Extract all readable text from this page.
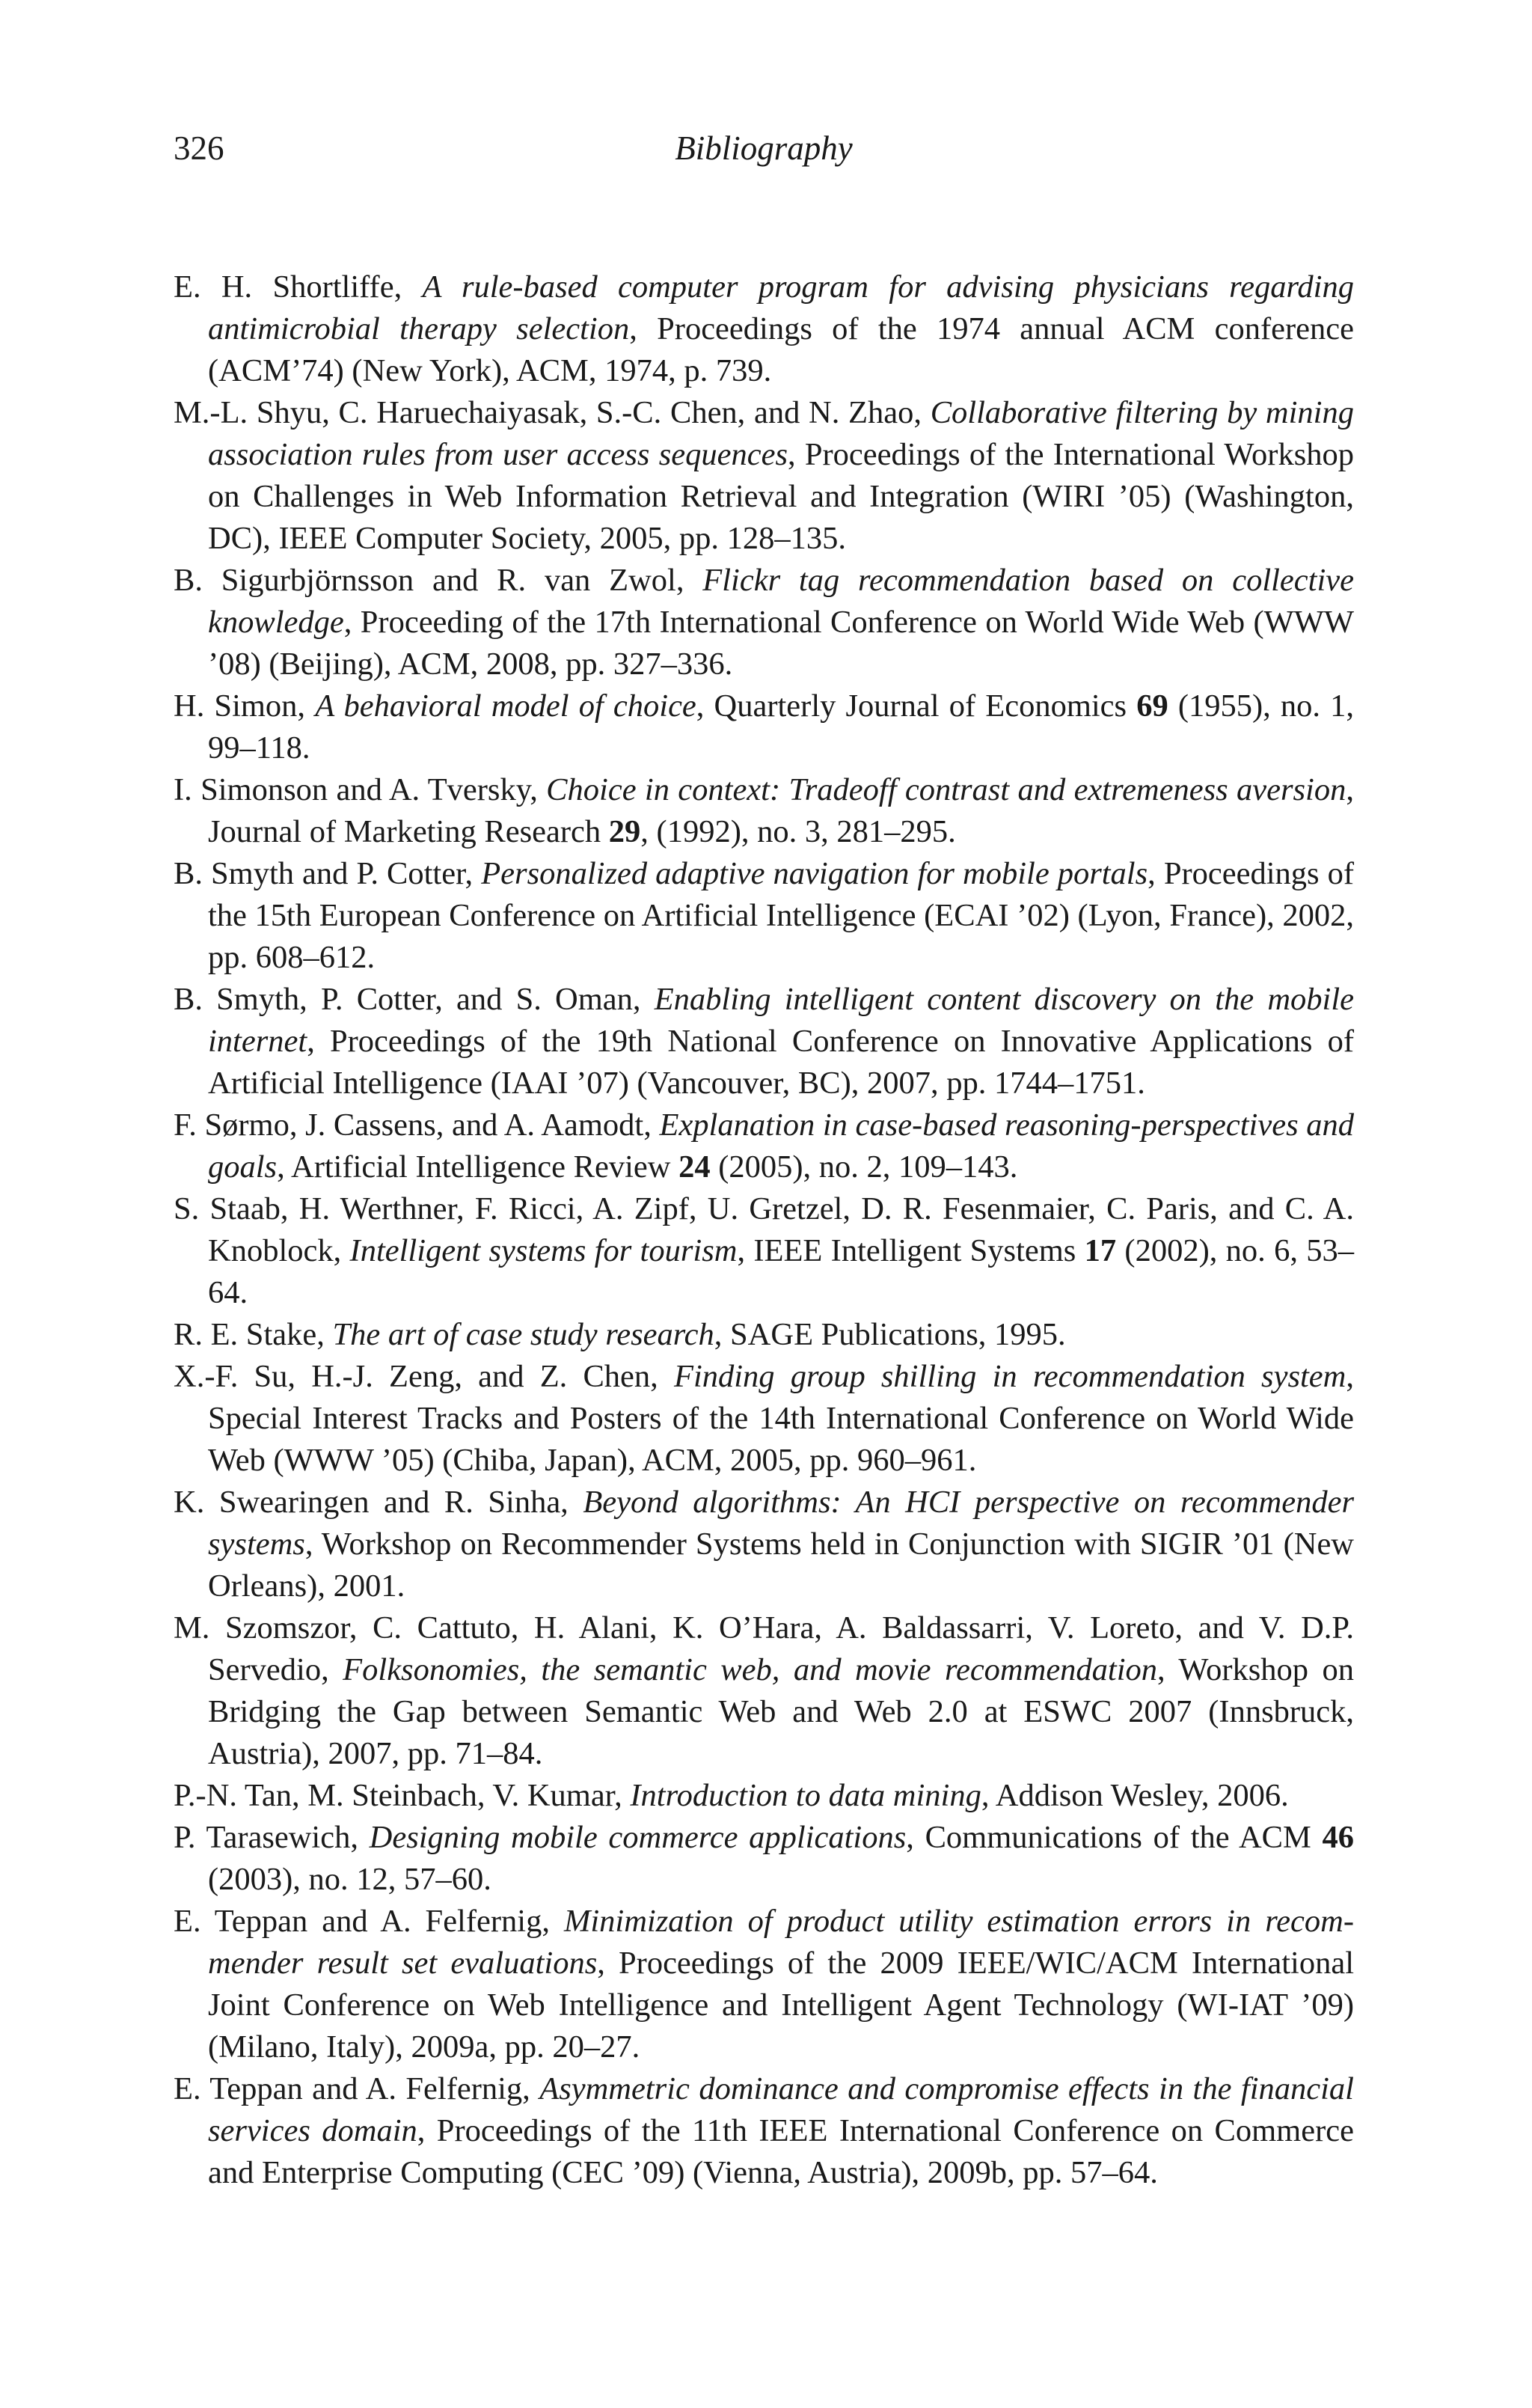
326	Bibliography
E. H. Shortliffe, A rule-based computer program for advising physicians regarding antimicrobial therapy selection, Proceedings of the 1974 annual ACM conference (ACM’74) (New York), ACM, 1974, p. 739.
M.-L. Shyu, C. Haruechaiyasak, S.-C. Chen, and N. Zhao, Collaborative filtering by mining association rules from user access sequences, Proceedings of the International Workshop on Challenges in Web Information Retrieval and Integration (WIRI ’05) (Washington, DC), IEEE Computer Society, 2005, pp. 128–135.
B. Sigurbjörnsson and R. van Zwol, Flickr tag recommendation based on collective knowledge, Proceeding of the 17th International Conference on World Wide Web (WWW ’08) (Beijing), ACM, 2008, pp. 327–336.
H. Simon, A behavioral model of choice, Quarterly Journal of Economics 69 (1955), no. 1, 99–118.
I. Simonson and A. Tversky, Choice in context: Tradeoff contrast and extremeness aversion, Journal of Marketing Research 29, (1992), no. 3, 281–295.
B. Smyth and P. Cotter, Personalized adaptive navigation for mobile portals, Proceedings of the 15th European Conference on Artificial Intelligence (ECAI ’02) (Lyon, France), 2002, pp. 608–612.
B. Smyth, P. Cotter, and S. Oman, Enabling intelligent content discovery on the mobile internet, Proceedings of the 19th National Conference on Innovative Applications of Artificial Intelligence (IAAI ’07) (Vancouver, BC), 2007, pp. 1744–1751.
F. Sørmo, J. Cassens, and A. Aamodt, Explanation in case-based reasoning-perspectives and goals, Artificial Intelligence Review 24 (2005), no. 2, 109–143.
S. Staab, H. Werthner, F. Ricci, A. Zipf, U. Gretzel, D. R. Fesenmaier, C. Paris, and C. A. Knoblock, Intelligent systems for tourism, IEEE Intelligent Systems 17 (2002), no. 6, 53–64.
R. E. Stake, The art of case study research, SAGE Publications, 1995.
X.-F. Su, H.-J. Zeng, and Z. Chen, Finding group shilling in recommendation system, Special Interest Tracks and Posters of the 14th International Conference on World Wide Web (WWW ’05) (Chiba, Japan), ACM, 2005, pp. 960–961.
K. Swearingen and R. Sinha, Beyond algorithms: An HCI perspective on recommender systems, Workshop on Recommender Systems held in Conjunction with SIGIR ’01 (New Orleans), 2001.
M. Szomszor, C. Cattuto, H. Alani, K. O’Hara, A. Baldassarri, V. Loreto, and V. D.P. Servedio, Folksonomies, the semantic web, and movie recommendation, Workshop on Bridging the Gap between Semantic Web and Web 2.0 at ESWC 2007 (Innsbruck, Austria), 2007, pp. 71–84.
P.-N. Tan, M. Steinbach, V. Kumar, Introduction to data mining, Addison Wesley, 2006.
P. Tarasewich, Designing mobile commerce applications, Communications of the ACM 46 (2003), no. 12, 57–60.
E. Teppan and A. Felfernig, Minimization of product utility estimation errors in recommender result set evaluations, Proceedings of the 2009 IEEE/WIC/ACM International Joint Conference on Web Intelligence and Intelligent Agent Technology (WI-IAT ’09) (Milano, Italy), 2009a, pp. 20–27.
E. Teppan and A. Felfernig, Asymmetric dominance and compromise effects in the financial services domain, Proceedings of the 11th IEEE International Conference on Commerce and Enterprise Computing (CEC ’09) (Vienna, Austria), 2009b, pp. 57–64.
